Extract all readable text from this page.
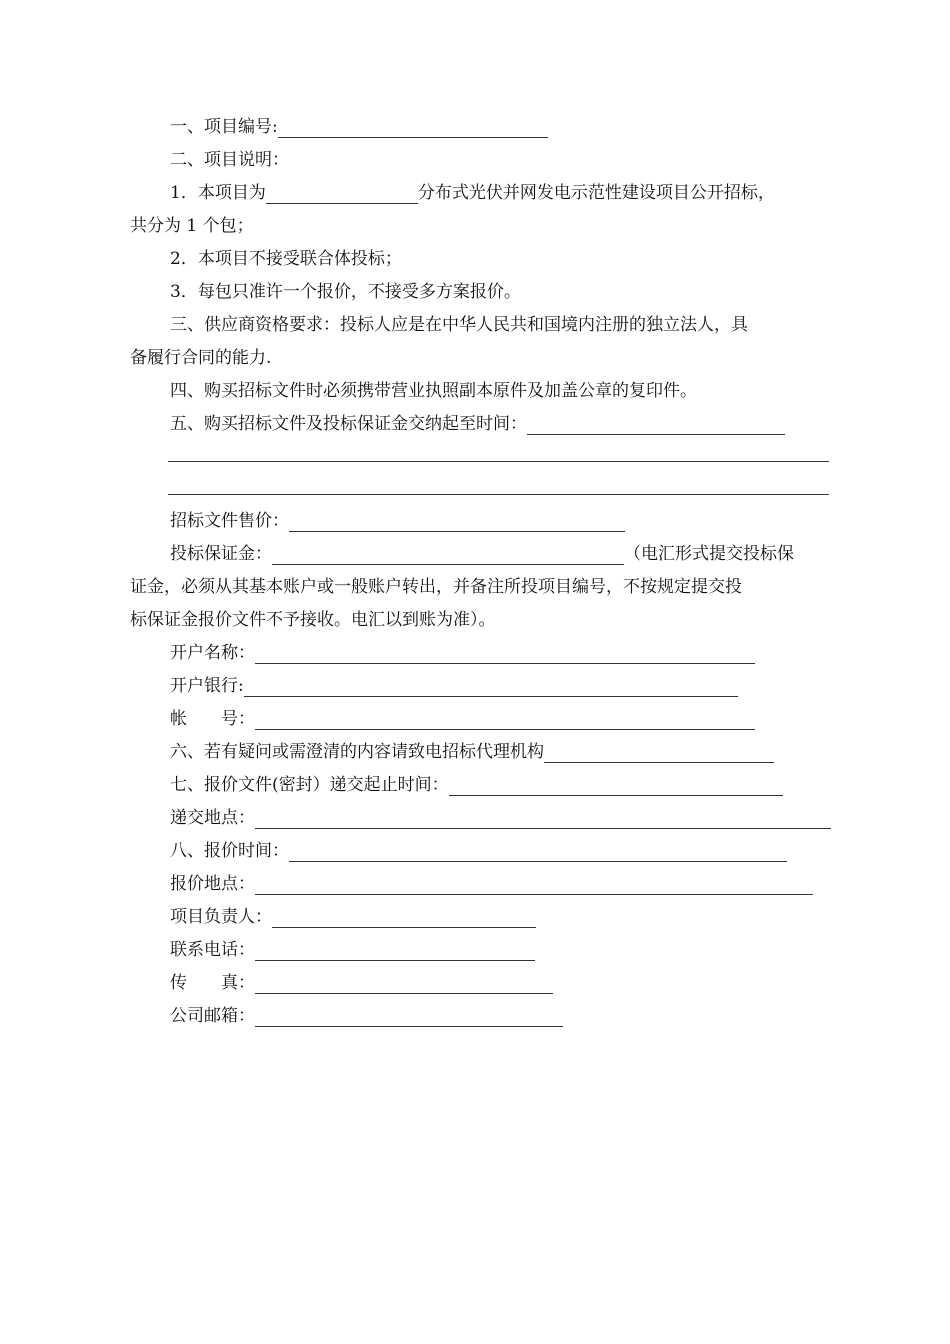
一、项目编号:
二、项目说明：
1．本项目为	分布式光伏并网发电示范性建设项目公开招标，
共分为 1 个包；
2．本项目不接受联合体投标；
3．每包只准许一个报价，不接受多方案报价。
三、供应商资格要求：投标人应是在中华人民共和国境内注册的独立法人，具
备履行合同的能力.
四、购买招标文件时必须携带营业执照副本原件及加盖公章的复印件。
五、购买招标文件及投标保证金交纳起至时间：
招标文件售价：
投标保证金：	（电汇形式提交投标保
证金，必须从其基本账户或一般账户转出，并备注所投项目编号，不按规定提交投
标保证金报价文件不予接收。电汇以到账为准）。
开户名称：
开户银行:
帐　　号：
六、若有疑问或需澄清的内容请致电招标代理机构
七、报价文件(密封）递交起止时间：
递交地点：
八、报价时间：
报价地点：
项目负责人：
联系电话：
传　　真：
公司邮箱：
